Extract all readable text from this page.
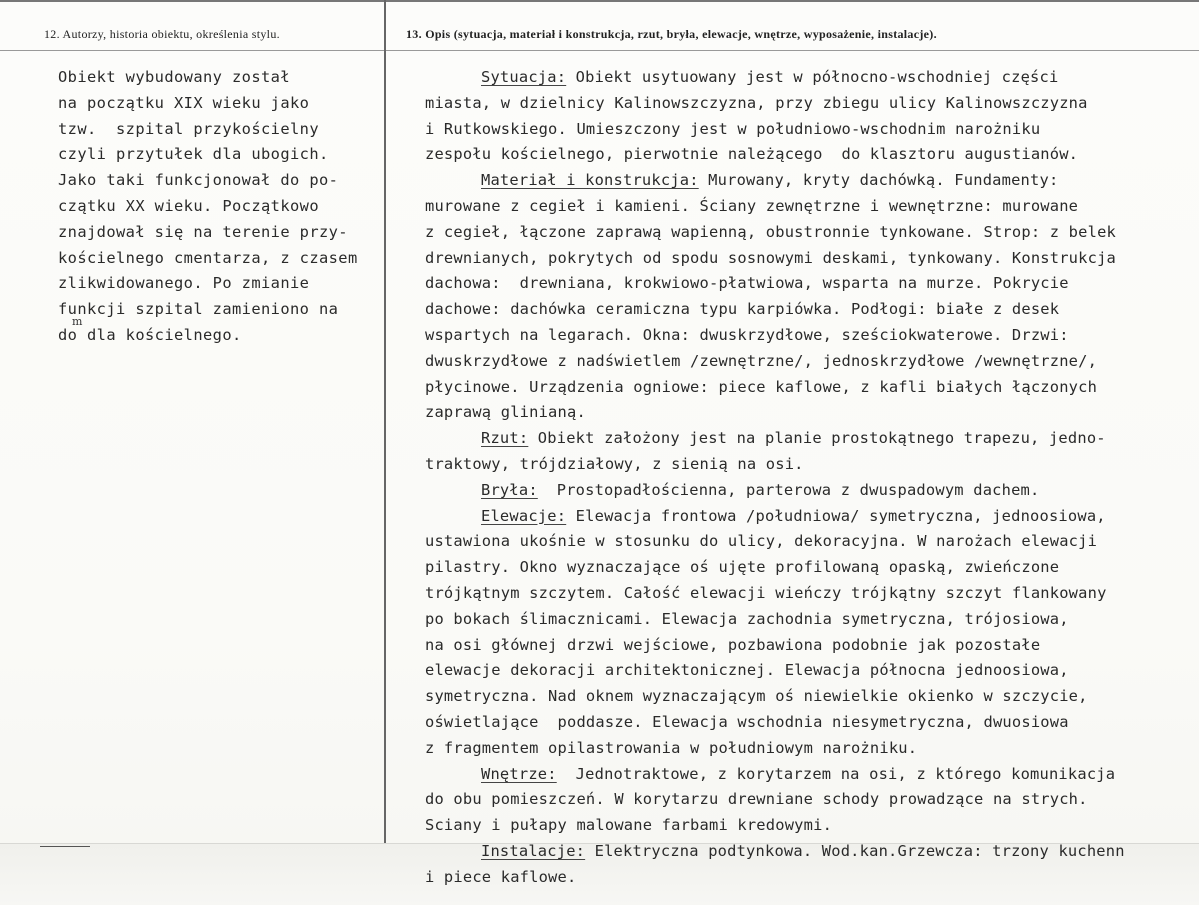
12. Autorzy, historia obiektu, określenia stylu.	13. Opis (sytuacja, materiał i konstrukcja, rzut, bryła, elewacje, wnętrze, wyposażenie, instalacje).
Obiekt wybudowany został
na początku XIX wieku jako
tzw.  szpital przykościelny
czyli przytułek dla ubogich.
Jako taki funkcjonował do po-
czątku XX wieku. Początkowo
znajdował się na terenie przy-
kościelnego cmentarza, z czasem
zlikwidowanego. Po zmianie
funkcji szpital zamieniono na
do dla kościelnego.
m
Sytuacja: Obiekt usytuowany jest w północno-wschodniej części
miasta, w dzielnicy Kalinowszczyzna, przy zbiegu ulicy Kalinowszczyzna
i Rutkowskiego. Umieszczony jest w południowo-wschodnim narożniku
zespołu kościelnego, pierwotnie należącego  do klasztoru augustianów.
Materiał i konstrukcja: Murowany, kryty dachówką. Fundamenty:
murowane z cegieł i kamieni. Ściany zewnętrzne i wewnętrzne: murowane
z cegieł, łączone zaprawą wapienną, obustronnie tynkowane. Strop: z belek
drewnianych, pokrytych od spodu sosnowymi deskami, tynkowany. Konstrukcja
dachowa:  drewniana, krokwiowo-płatwiowa, wsparta na murze. Pokrycie
dachowe: dachówka ceramiczna typu karpiówka. Podłogi: białe z desek
wspartych na legarach. Okna: dwuskrzydłowe, sześciokwaterowe. Drzwi:
dwuskrzydłowe z nadświetlem /zewnętrzne/, jednoskrzydłowe /wewnętrzne/,
płycinowe. Urządzenia ogniowe: piece kaflowe, z kafli białych łączonych
zaprawą glinianą.
Rzut: Obiekt założony jest na planie prostokątnego trapezu, jedno-
traktowy, trójdziałowy, z sienią na osi.
Bryła:  Prostopadłościenna, parterowa z dwuspadowym dachem.
Elewacje: Elewacja frontowa /południowa/ symetryczna, jednoosiowa,
ustawiona ukośnie w stosunku do ulicy, dekoracyjna. W narożach elewacji
pilastry. Okno wyznaczające oś ujęte profilowaną opaską, zwieńczone
trójkątnym szczytem. Całość elewacji wieńczy trójkątny szczyt flankowany
po bokach ślimacznicami. Elewacja zachodnia symetryczna, trójosiowa,
na osi głównej drzwi wejściowe, pozbawiona podobnie jak pozostałe
elewacje dekoracji architektonicznej. Elewacja północna jednoosiowa,
symetryczna. Nad oknem wyznaczającym oś niewielkie okienko w szczycie,
oświetlające  poddasze. Elewacja wschodnia niesymetryczna, dwuosiowa
z fragmentem opilastrowania w południowym narożniku.
Wnętrze:  Jednotraktowe, z korytarzem na osi, z którego komunikacja
do obu pomieszczeń. W korytarzu drewniane schody prowadzące na strych.
Sciany i pułapy malowane farbami kredowymi.
Instalacje: Elektryczna podtynkowa. Wod.kan.Grzewcza: trzony kuchenn
i piece kaflowe.
